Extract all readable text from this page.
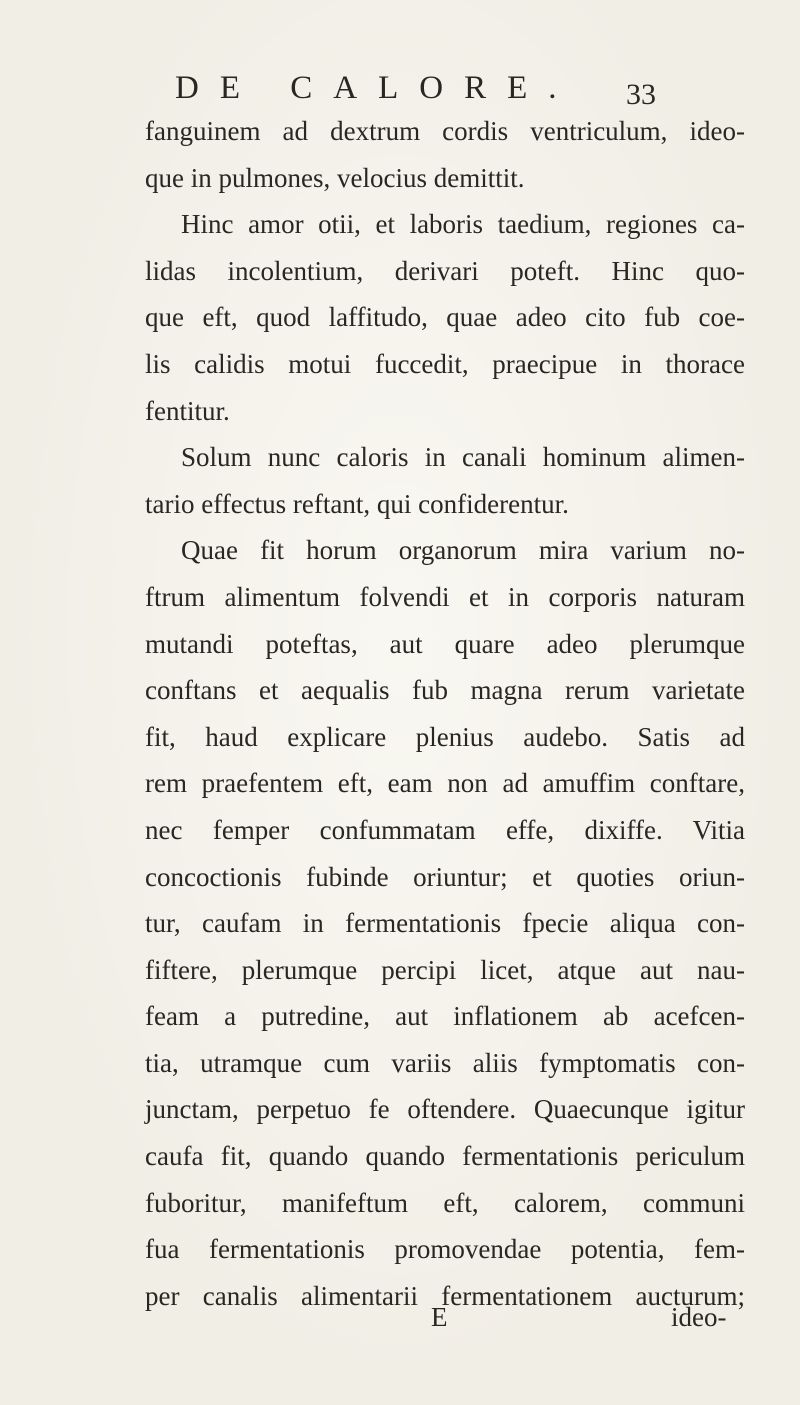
DE CALORE.	33
fanguinem ad dextrum cordis ventriculum, ideo-
que in pulmones, velocius demittit.
Hinc amor otii, et laboris taedium, regiones ca-
lidas incolentium, derivari poteft. Hinc quo-
que eft, quod laffitudo, quae adeo cito fub coe-
lis calidis motui fuccedit, praecipue in thorace
fentitur.
Solum nunc caloris in canali hominum alimen-
tario effectus reftant, qui confiderentur.
Quae fit horum organorum mira varium no-
ftrum alimentum folvendi et in corporis naturam
mutandi poteftas, aut quare adeo plerumque
conftans et aequalis fub magna rerum varietate
fit, haud explicare plenius audebo. Satis ad
rem praefentem eft, eam non ad amuffim conftare,
nec femper confummatam effe, dixiffe. Vitia
concoctionis fubinde oriuntur; et quoties oriun-
tur, caufam in fermentationis fpecie aliqua con-
fiftere, plerumque percipi licet, atque aut nau-
feam a putredine, aut inflationem ab acefcen-
tia, utramque cum variis aliis fymptomatis con-
junctam, perpetuo fe oftendere. Quaecunque igitur
caufa fit, quando quando fermentationis periculum
fuboritur, manifeftum eft, calorem, communi
fua fermentationis promovendae potentia, fem-
per canalis alimentarii fermentationem aucturum;
E	ideo-
